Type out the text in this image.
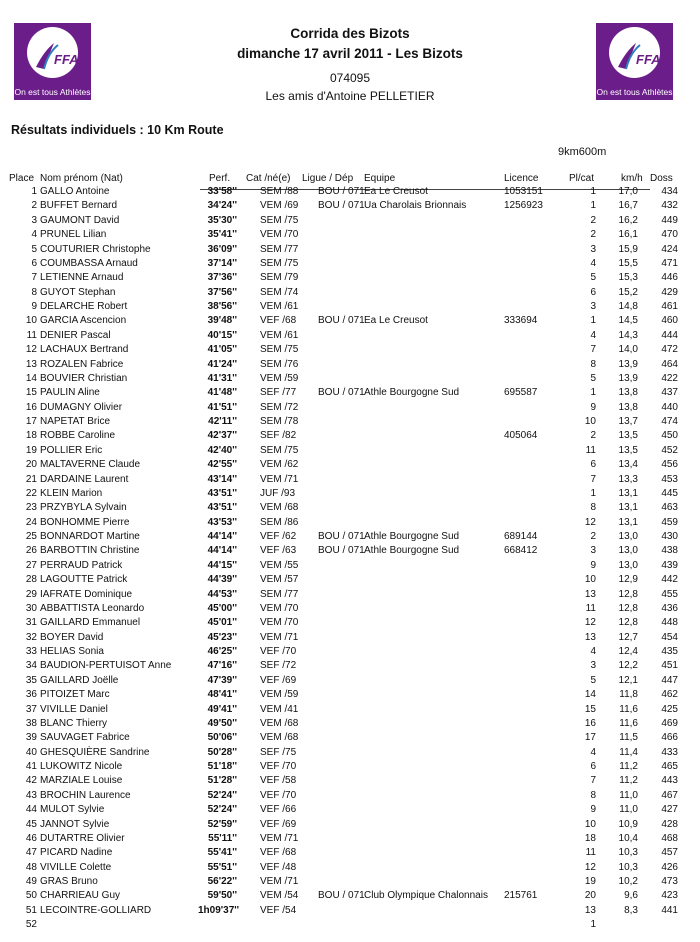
FFA
On est tous Athlètes
FFA
On est tous Athlètes
Corrida des Bizots
dimanche 17 avril 2011 - Les Bizots
074095
Les amis d'Antoine PELLETIER
Résultats individuels : 10 Km Route
9km600m
Place Nom prénom (Nat)	Perf. Cat /né(e) Ligue / Dép Equipe	Licence	Pl/cat	km/h Doss
1 GALLO Antoine	33'58'' SEM /88 BOU / 071 Ea Le Creusot	1053151	1	17,0	434
2 BUFFET Bernard	34'24'' VEM /69 BOU / 071 Ua Charolais Brionnais	1256923	1	16,7	432
3 GAUMONT David	35'30'' SEM /75	2	16,2	449
4 PRUNEL Lilian	35'41'' VEM /70	2	16,1	470
5 COUTURIER Christophe	36'09'' SEM /77	3	15,9	424
6 COUMBASSA Arnaud	37'14'' SEM /75	4	15,5	471
7 LETIENNE Arnaud	37'36'' SEM /79	5	15,3	446
8 GUYOT Stephan	37'56'' SEM /74	6	15,2	429
9 DELARCHE Robert	38'56'' VEM /61	3	14,8	461
10 GARCIA Ascencion	39'48'' VEF /68 BOU / 071 Ea Le Creusot	333694	1	14,5	460
11 DENIER Pascal	40'15'' VEM /61	4	14,3	444
12 LACHAUX Bertrand	41'05'' SEM /75	7	14,0	472
13 ROZALEN Fabrice	41'24'' SEM /76	8	13,9	464
14 BOUVIER Christian	41'31'' VEM /59	5	13,9	422
15 PAULIN Aline	41'48'' SEF /77 BOU / 071 Athle Bourgogne Sud	695587	1	13,8	437
16 DUMAGNY Olivier	41'51'' SEM /72	9	13,8	440
17 NAPETAT Brice	42'11'' SEM /78	10	13,7	474
18 ROBBE Caroline	42'37'' SEF /82	405064	2	13,5	450
19 POLLIER Eric	42'40'' SEM /75	11	13,5	452
20 MALTAVERNE Claude	42'55'' VEM /62	6	13,4	456
21 DARDAINE Laurent	43'14'' VEM /71	7	13,3	453
22 KLEIN Marion	43'51'' JUF /93	1	13,1	445
23 PRZYBYLA Sylvain	43'51'' VEM /68	8	13,1	463
24 BONHOMME Pierre	43'53'' SEM /86	12	13,1	459
25 BONNARDOT Martine	44'14'' VEF /62 BOU / 071 Athle Bourgogne Sud	689144	2	13,0	430
26 BARBOTTIN Christine	44'14'' VEF /63 BOU / 071 Athle Bourgogne Sud	668412	3	13,0	438
27 PERRAUD Patrick	44'15'' VEM /55	9	13,0	439
28 LAGOUTTE Patrick	44'39'' VEM /57	10	12,9	442
29 IAFRATE Dominique	44'53'' SEM /77	13	12,8	455
30 ABBATTISTA Leonardo	45'00'' VEM /70	11	12,8	436
31 GAILLARD Emmanuel	45'01'' VEM /70	12	12,8	448
32 BOYER David	45'23'' VEM /71	13	12,7	454
33 HELIAS Sonia	46'25'' VEF /70	4	12,4	435
34 BAUDION-PERTUISOT Anne	47'16'' SEF /72	3	12,2	451
35 GAILLARD Joëlle	47'39'' VEF /69	5	12,1	447
36 PITOIZET Marc	48'41'' VEM /59	14	11,8	462
37 VIVILLE Daniel	49'41'' VEM /41	15	11,6	425
38 BLANC Thierry	49'50'' VEM /68	16	11,6	469
39 SAUVAGET Fabrice	50'06'' VEM /68	17	11,5	466
40 GHESQUIÈRE Sandrine	50'28'' SEF /75	4	11,4	433
41 LUKOWITZ Nicole	51'18'' VEF /70	6	11,2	465
42 MARZIALE Louise	51'28'' VEF /58	7	11,2	443
43 BROCHIN Laurence	52'24'' VEF /70	8	11,0	467
44 MULOT Sylvie	52'24'' VEF /66	9	11,0	427
45 JANNOT Sylvie	52'59'' VEF /69	10	10,9	428
46 DUTARTRE Olivier	55'11'' VEM /71	18	10,4	468
47 PICARD Nadine	55'41'' VEF /68	11	10,3	457
48 VIVILLE Colette	55'51'' VEF /48	12	10,3	426
49 GRAS Bruno	56'22'' VEM /71	19	10,2	473
50 CHARRIEAU Guy	59'50'' VEM /54 BOU / 071 Club Olympique Chalonnais 215761	20	9,6	423
51 LECOINTRE-GOLLIARD	1h09'37'' VEF /54	13	8,3	441
52	1
